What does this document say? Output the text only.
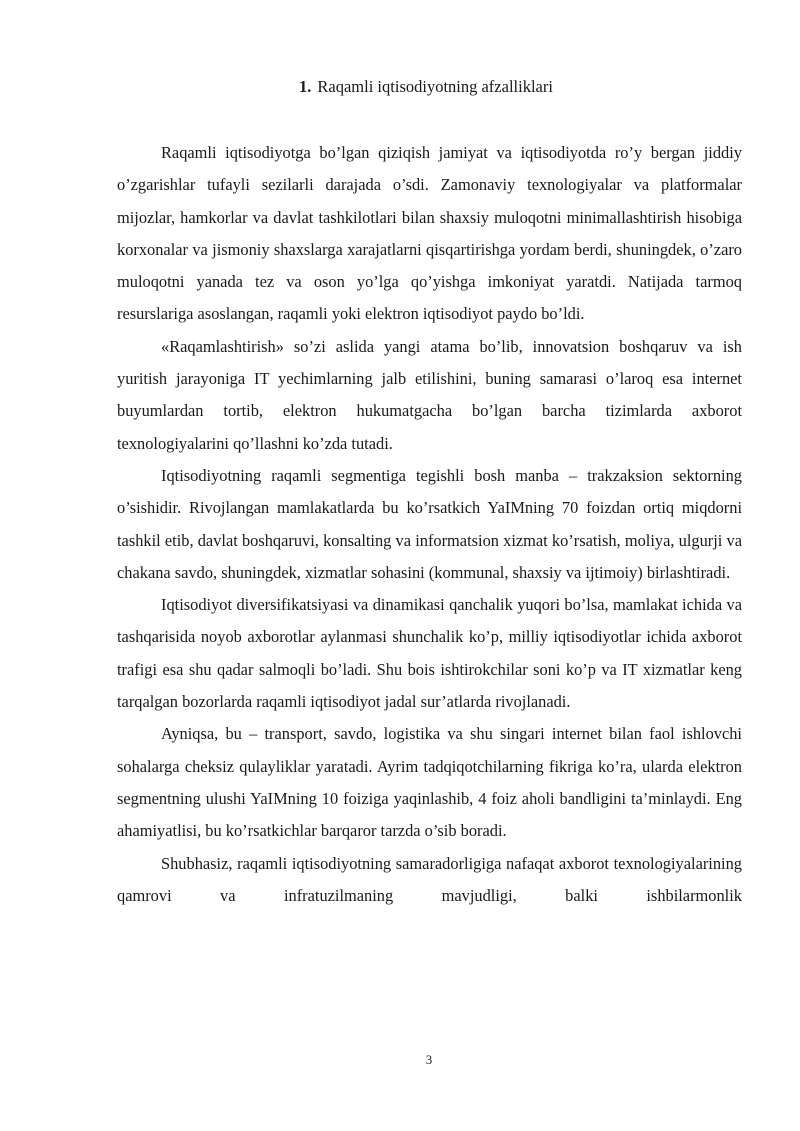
1. Raqamli iqtisodiyotning afzalliklari

Raqamli iqtisodiyotga bo’lgan qiziqish jamiyat va iqtisodiyotda ro’y bergan jiddiy o’zgarishlar tufayli sezilarli darajada o’sdi. Zamonaviy texnologiyalar va platformalar mijozlar, hamkorlar va davlat tashkilotlari bilan shaxsiy muloqotni minimallashtirish hisobiga korxonalar va jismoniy shaxslarga xarajatlarni qisqartirishga yordam berdi, shuningdek, o’zaro muloqotni yanada tez va oson yo’lga qo’yishga imkoniyat yaratdi. Natijada tarmoq resurslariga asoslangan, raqamli yoki elektron iqtisodiyot paydo bo’ldi.

«Raqamlashtirish» so’zi aslida yangi atama bo’lib, innovatsion boshqaruv va ish yuritish jarayoniga IT yechimlarning jalb etilishini, buning samarasi o’laroq esa internet buyumlardan tortib, elektron hukumatgacha bo’lgan barcha tizimlarda axborot texnologiyalarini qo’llashni ko’zda tutadi.

Iqtisodiyotning raqamli segmentiga tegishli bosh manba – trakzaksion sektorning o’sishidir. Rivojlangan mamlakatlarda bu ko’rsatkich YaIMning 70 foizdan ortiq miqdorni tashkil etib, davlat boshqaruvi, konsalting va informatsion xizmat ko’rsatish, moliya, ulgurji va chakana savdo, shuningdek, xizmatlar sohasini (kommunal, shaxsiy va ijtimoiy) birlashtiradi.

Iqtisodiyot diversifikatsiyasi va dinamikasi qanchalik yuqori bo’lsa, mamlakat ichida va tashqarisida noyob axborotlar aylanmasi shunchalik ko’p, milliy iqtisodiyotlar ichida axborot trafigi esa shu qadar salmoqli bo’ladi. Shu bois ishtirokchilar soni ko’p va IT xizmatlar keng tarqalgan bozorlarda raqamli iqtisodiyot jadal sur’atlarda rivojlanadi.

Ayniqsa, bu – transport, savdo, logistika va shu singari internet bilan faol ishlovchi sohalarga cheksiz qulayliklar yaratadi. Ayrim tadqiqotchilarning fikriga ko’ra, ularda elektron segmentning ulushi YaIMning 10 foiziga yaqinlashib, 4 foiz aholi bandligini ta’minlaydi. Eng ahamiyatlisi, bu ko’rsatkichlar barqaror tarzda o’sib boradi.

Shubhasiz, raqamli iqtisodiyotning samaradorligiga nafaqat axborot texnologiyalarining qamrovi va infratuzilmaning mavjudligi, balki ishbilarmonlik

3
